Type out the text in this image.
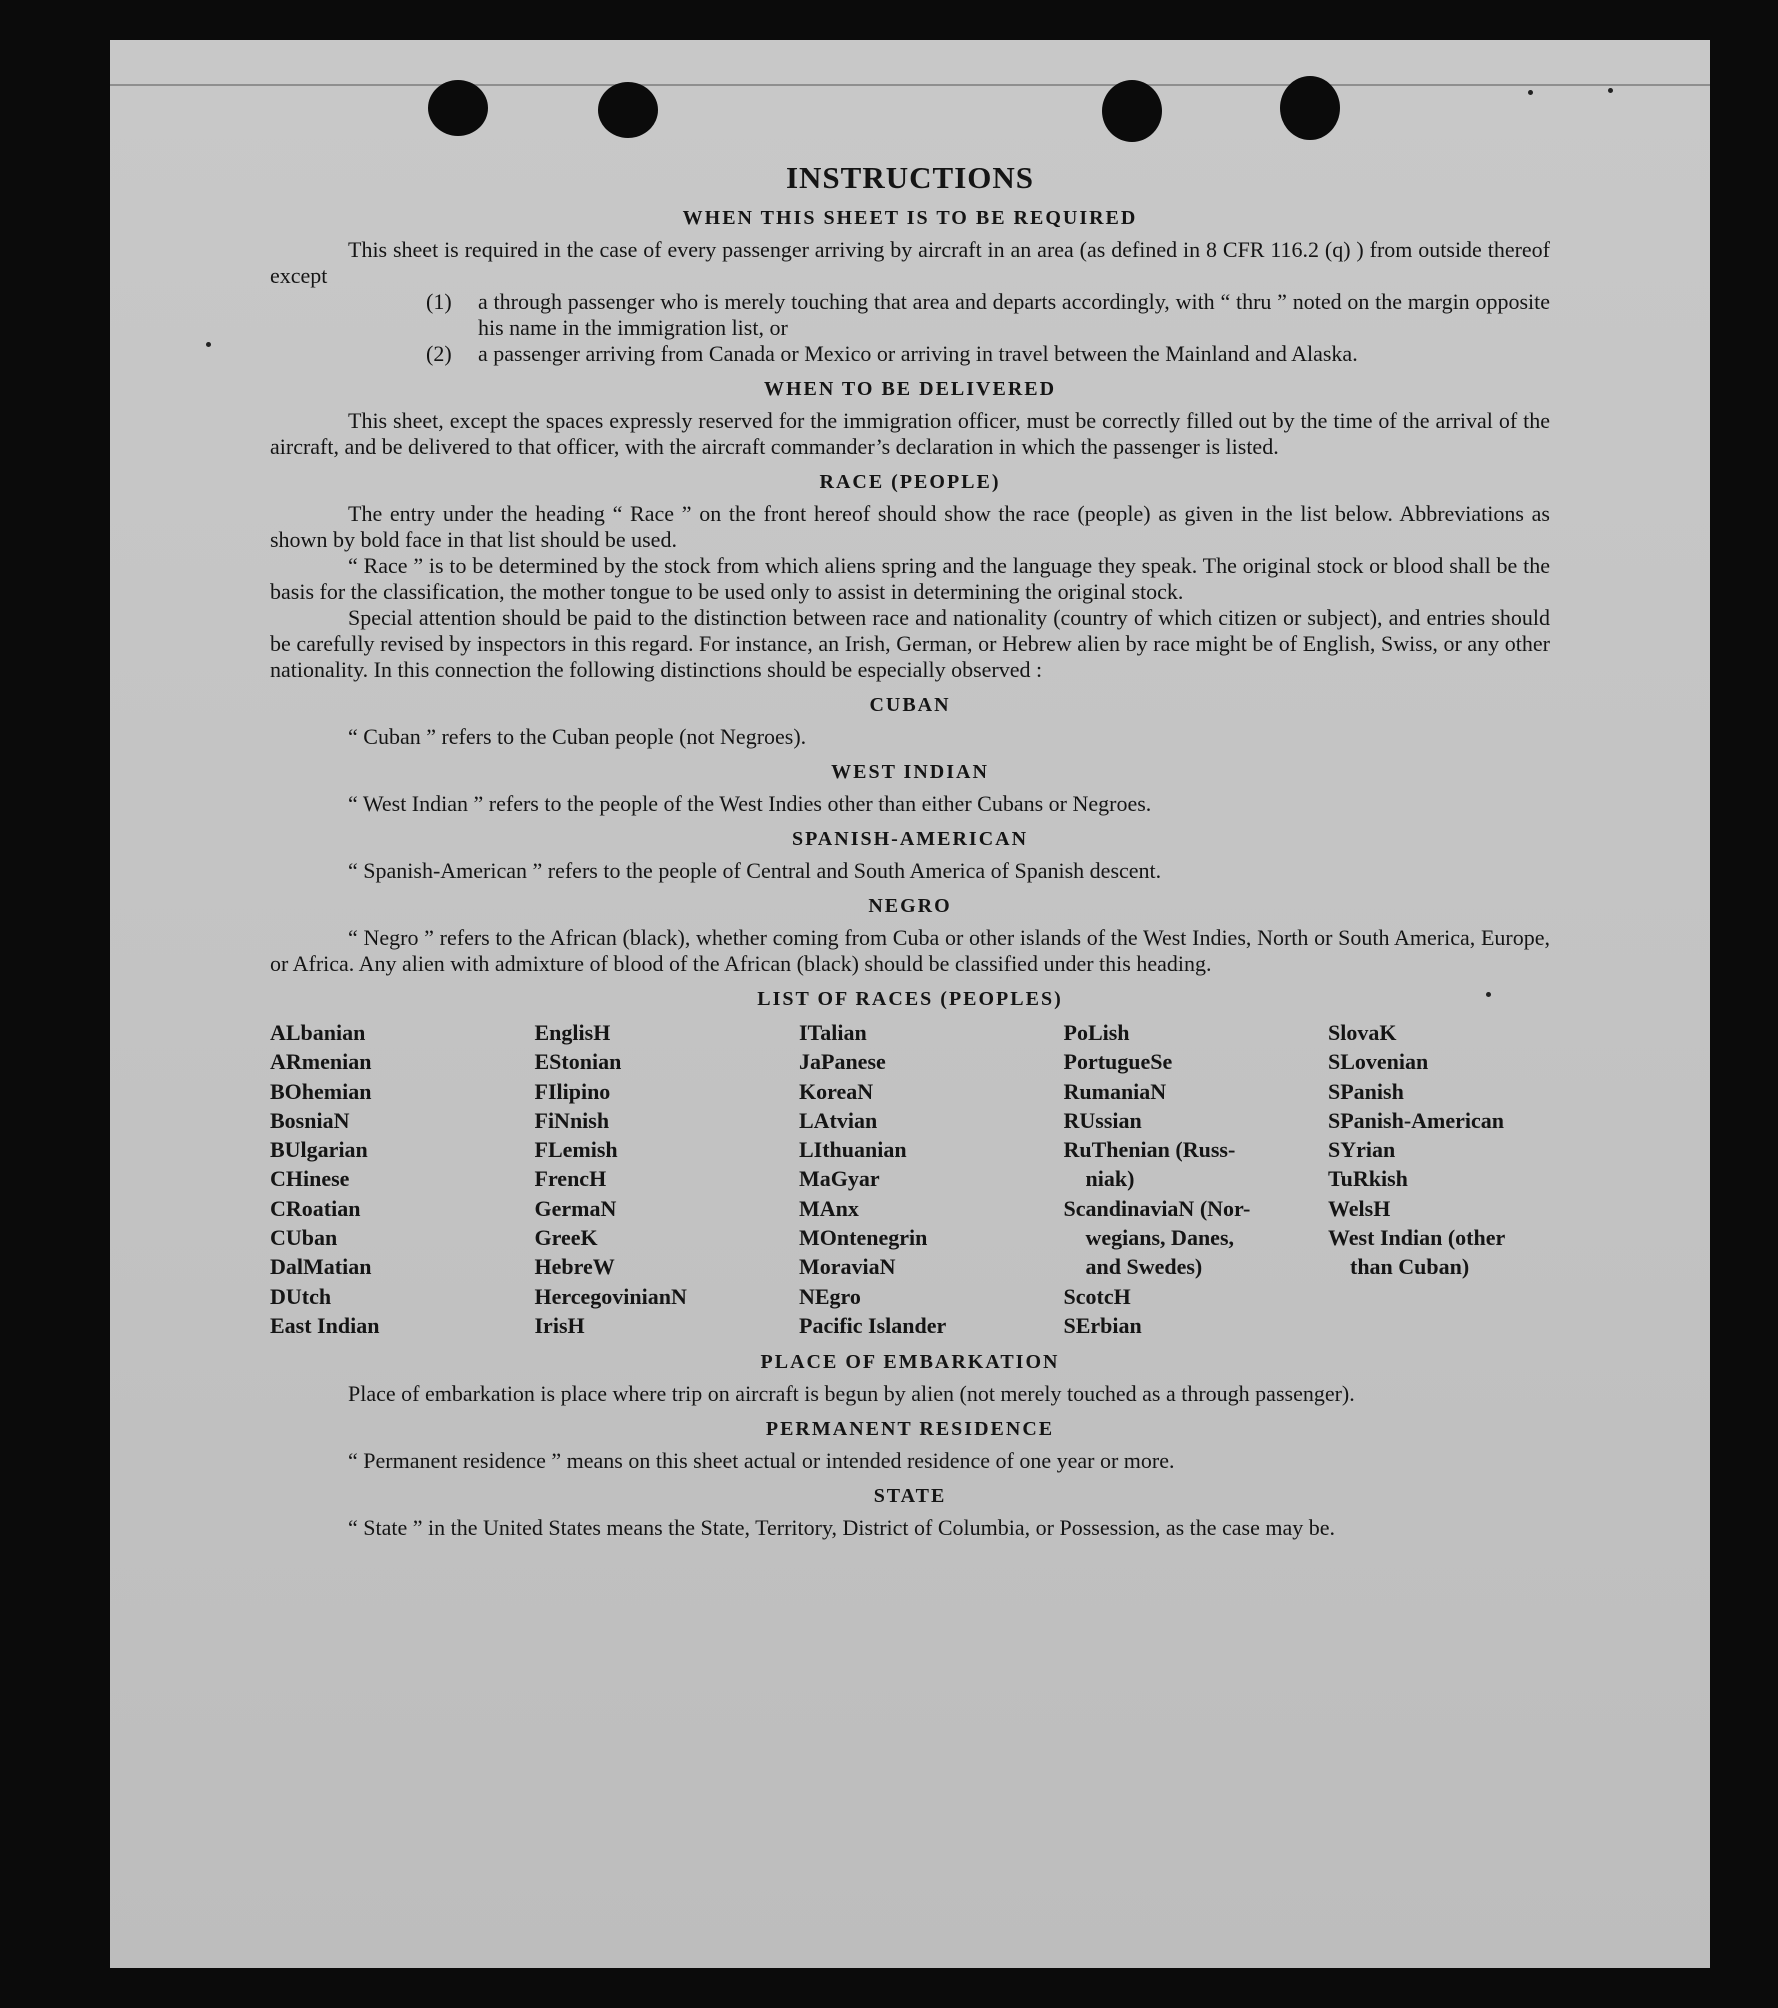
INSTRUCTIONS
WHEN THIS SHEET IS TO BE REQUIRED

This sheet is required in the case of every passenger arriving by aircraft in an area (as defined in 8 CFR 116.2 (q) ) from outside thereof except

(1)	a through passenger who is merely touching that area and departs accordingly, with “ thru ” noted on the margin opposite his name in the immigration list, or
(2)	a passenger arriving from Canada or Mexico or arriving in travel between the Mainland and Alaska.
WHEN TO BE DELIVERED

This sheet, except the spaces expressly reserved for the immigration officer, must be correctly filled out by the time of the arrival of the aircraft, and be delivered to that officer, with the aircraft commander’s declaration in which the passenger is listed.

RACE (PEOPLE)

The entry under the heading “ Race ” on the front hereof should show the race (people) as given in the list below. Abbreviations as shown by bold face in that list should be used.

“ Race ” is to be determined by the stock from which aliens spring and the language they speak. The original stock or blood shall be the basis for the classification, the mother tongue to be used only to assist in determining the original stock.

Special attention should be paid to the distinction between race and nationality (country of which citizen or subject), and entries should be carefully revised by inspectors in this regard. For instance, an Irish, German, or Hebrew alien by race might be of English, Swiss, or any other nationality. In this connection the following distinctions should be especially observed :

CUBAN

“ Cuban ” refers to the Cuban people (not Negroes).

WEST INDIAN

“ West Indian ” refers to the people of the West Indies other than either Cubans or Negroes.

SPANISH-AMERICAN

“ Spanish-American ” refers to the people of Central and South America of Spanish descent.

NEGRO

“ Negro ” refers to the African (black), whether coming from Cuba or other islands of the West Indies, North or South America, Europe, or Africa. Any alien with admixture of blood of the African (black) should be classified under this heading.

LIST OF RACES (PEOPLES)
ALbanian
ARmenian
BOhemian
BosniaN
BUlgarian
CHinese
CRoatian
CUban
DalMatian
DUtch
East Indian
EnglisH
EStonian
FIlipino
FiNnish
FLemish
FrencH
GermaN
GreeK
HebreW
HercegovinianN
IrisH
ITalian
JaPanese
KoreaN
LAtvian
LIthuanian
MaGyar
MAnx
MOntenegrin
MoraviaN
NEgro
Pacific Islander
PoLish
PortugueSe
RumaniaN
RUssian
RuThenian (Russ-
niak)
ScandinaviaN (Nor-
wegians, Danes,
and Swedes)
ScotcH
SErbian
SlovaK
SLovenian
SPanish
SPanish-American
SYrian
TuRkish
WelsH
West Indian (other
than Cuban)
PLACE OF EMBARKATION

Place of embarkation is place where trip on aircraft is begun by alien (not merely touched as a through passenger).

PERMANENT RESIDENCE

“ Permanent residence ” means on this sheet actual or intended residence of one year or more.

STATE

“ State ” in the United States means the State, Territory, District of Columbia, or Possession, as the case may be.
